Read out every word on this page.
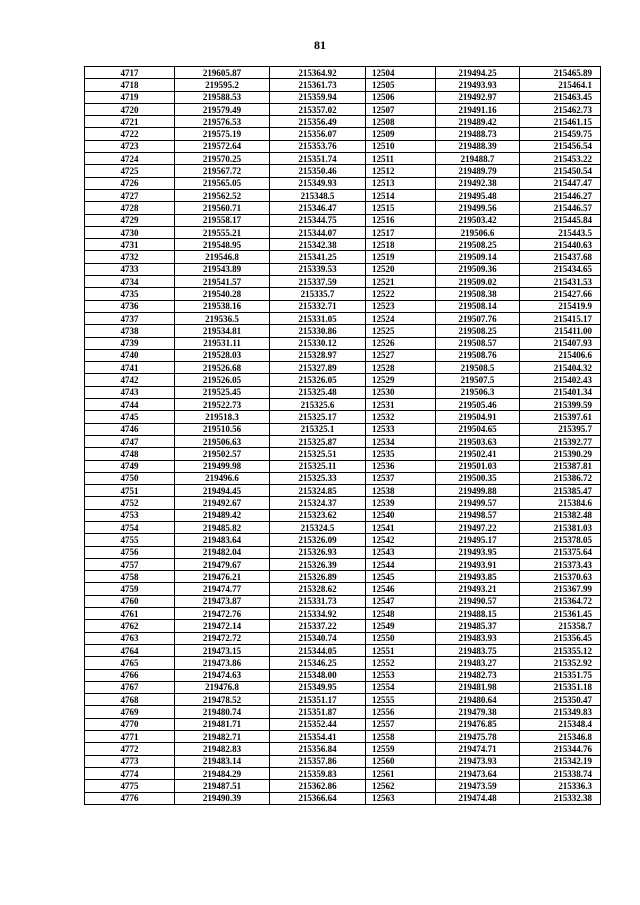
81
4717	219605.87	215364.92	12504	219494.25	215465.89
4718	219595.2	215361.73	12505	219493.93	215464.1
4719	219588.53	215359.94	12506	219492.97	215463.45
4720	219579.49	215357.02	12507	219491.16	215462.73
4721	219576.53	215356.49	12508	219489.42	215461.15
4722	219575.19	215356.07	12509	219488.73	215459.75
4723	219572.64	215353.76	12510	219488.39	215456.54
4724	219570.25	215351.74	12511	219488.7	215453.22
4725	219567.72	215350.46	12512	219489.79	215450.54
4726	219565.05	215349.93	12513	219492.38	215447.47
4727	219562.52	215348.5	12514	219495.48	215446.27
4728	219560.71	215346.47	12515	219499.56	215446.57
4729	219558.17	215344.75	12516	219503.42	215445.84
4730	219555.21	215344.07	12517	219506.6	215443.5
4731	219548.95	215342.38	12518	219508.25	215440.63
4732	219546.8	215341.25	12519	219509.14	215437.68
4733	219543.89	215339.53	12520	219509.36	215434.65
4734	219541.57	215337.59	12521	219509.02	215431.53
4735	219540.28	215335.7	12522	219508.38	215427.66
4736	219538.16	215332.71	12523	219508.14	215419.9
4737	219536.5	215331.05	12524	219507.76	215415.17
4738	219534.81	215330.86	12525	219508.25	215411.00
4739	219531.11	215330.12	12526	219508.57	215407.93
4740	219528.03	215328.97	12527	219508.76	215406.6
4741	219526.68	215327.89	12528	219508.5	215404.32
4742	219526.05	215326.05	12529	219507.5	215402.43
4743	219525.45	215325.48	12530	219506.3	215401.34
4744	219522.73	215325.6	12531	219505.46	215399.59
4745	219518.3	215325.17	12532	219504.91	215397.61
4746	219510.56	215325.1	12533	219504.65	215395.7
4747	219506.63	215325.87	12534	219503.63	215392.77
4748	219502.57	215325.51	12535	219502.41	215390.29
4749	219499.98	215325.11	12536	219501.03	215387.81
4750	219496.6	215325.33	12537	219500.35	215386.72
4751	219494.45	215324.85	12538	219499.88	215385.47
4752	219492.67	215324.37	12539	219499.57	215384.6
4753	219489.42	215323.62	12540	219498.57	215382.48
4754	219485.82	215324.5	12541	219497.22	215381.03
4755	219483.64	215326.09	12542	219495.17	215378.05
4756	219482.04	215326.93	12543	219493.95	215375.64
4757	219479.67	215326.39	12544	219493.91	215373.43
4758	219476.21	215326.89	12545	219493.85	215370.63
4759	219474.77	215328.62	12546	219493.21	215367.99
4760	219473.87	215331.73	12547	219490.57	215364.72
4761	219472.76	215334.92	12548	219488.15	215361.45
4762	219472.14	215337.22	12549	219485.37	215358.7
4763	219472.72	215340.74	12550	219483.93	215356.45
4764	219473.15	215344.05	12551	219483.75	215355.12
4765	219473.86	215346.25	12552	219483.27	215352.92
4766	219474.63	215348.00	12553	219482.73	215351.75
4767	219476.8	215349.95	12554	219481.98	215351.18
4768	219478.52	215351.17	12555	219480.64	215350.47
4769	219480.74	215351.87	12556	219479.38	215349.83
4770	219481.71	215352.44	12557	219476.85	215348.4
4771	219482.71	215354.41	12558	219475.78	215346.8
4772	219482.83	215356.84	12559	219474.71	215344.76
4773	219483.14	215357.86	12560	219473.93	215342.19
4774	219484.29	215359.83	12561	219473.64	215338.74
4775	219487.51	215362.86	12562	219473.59	215336.3
4776	219490.39	215366.64	12563	219474.48	215332.38
